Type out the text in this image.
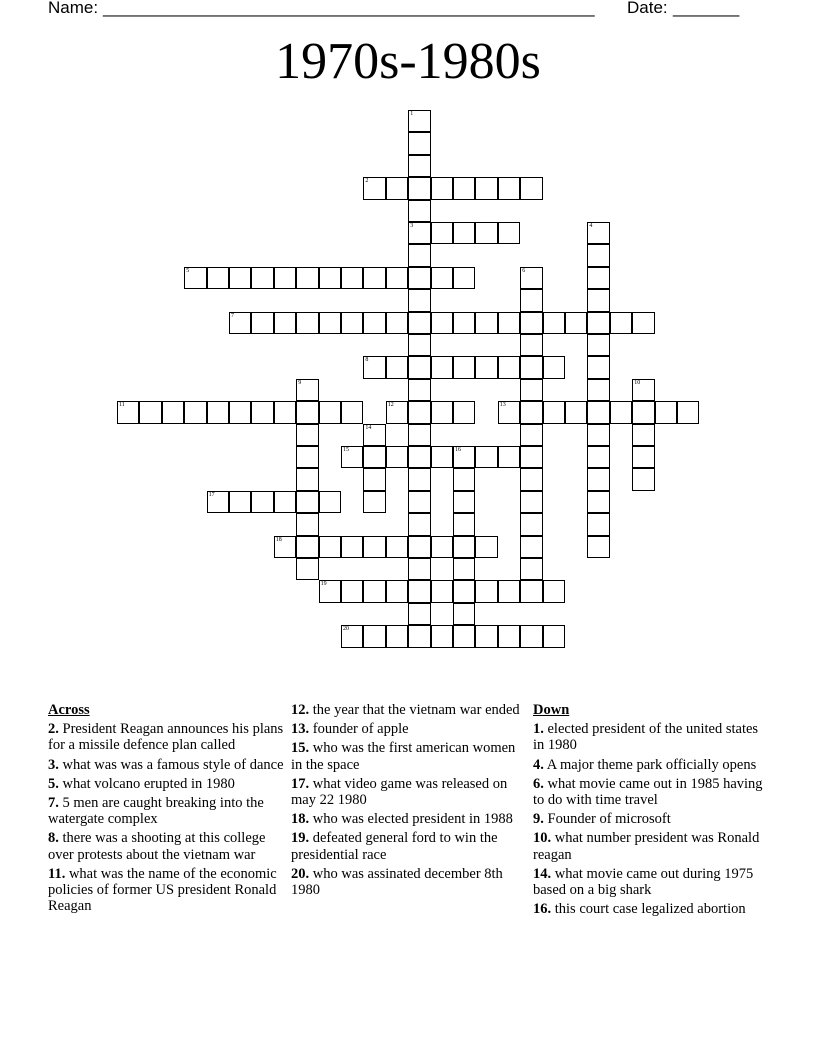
Name: ____________________________________________________ Date: _______
1970s-1980s
1
3
2
4
5	6
7
8
9	10
11	12	13
14
15	16
17
18
19
20
Across
2. President Reagan announces his plans for a missile defence plan called
3. what was was a famous style of dance
5. what volcano erupted in 1980
7. 5 men are caught breaking into the watergate complex
8. there was a shooting at this college over protests about the vietnam war
11. what was the name of the economic policies of former US president Ronald Reagan
12. the year that the vietnam war ended
13. founder of apple
15. who was the first american women in the space
17. what video game was released on may 22 1980
18. who was elected president in 1988
19. defeated general ford to win the presidential race
20. who was assinated december 8th 1980
Down
1. elected president of the united states in 1980
4. A major theme park officially opens
6. what movie came out in 1985 having to do with time travel
9. Founder of microsoft
10. what number president was Ronald reagan
14. what movie came out during 1975 based on a big shark
16. this court case legalized abortion
